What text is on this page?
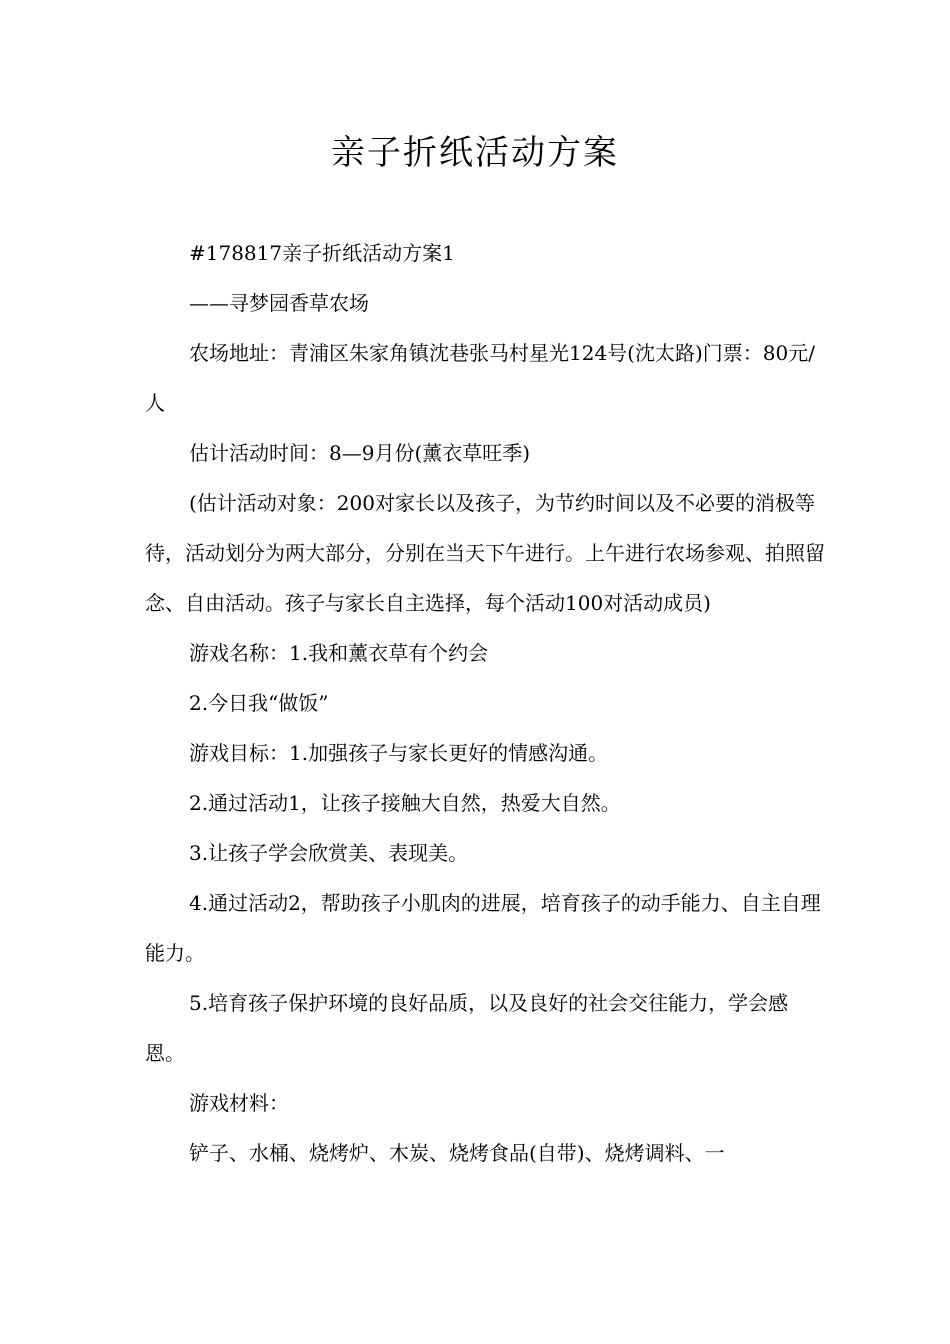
亲子折纸活动方案

#178817亲子折纸活动方案1

——寻梦园香草农场

农场地址：青浦区朱家角镇沈巷张马村星光124号(沈太路)门票：80元/人

估计活动时间：8—9月份(薰衣草旺季)

(估计活动对象：200对家长以及孩子，为节约时间以及不必要的消极等待，活动划分为两大部分，分别在当天下午进行。上午进行农场参观、拍照留念、自由活动。孩子与家长自主选择，每个活动100对活动成员)

游戏名称：1.我和薰衣草有个约会

2.今日我“做饭”

游戏目标：1.加强孩子与家长更好的情感沟通。

2.通过活动1，让孩子接触大自然，热爱大自然。

3.让孩子学会欣赏美、表现美。

4.通过活动2，帮助孩子小肌肉的进展，培育孩子的动手能力、自主自理能力。

5.培育孩子保护环境的良好品质，以及良好的社会交往能力，学会感恩。

游戏材料：

铲子、水桶、烧烤炉、木炭、烧烤食品(自带)、烧烤调料、一
